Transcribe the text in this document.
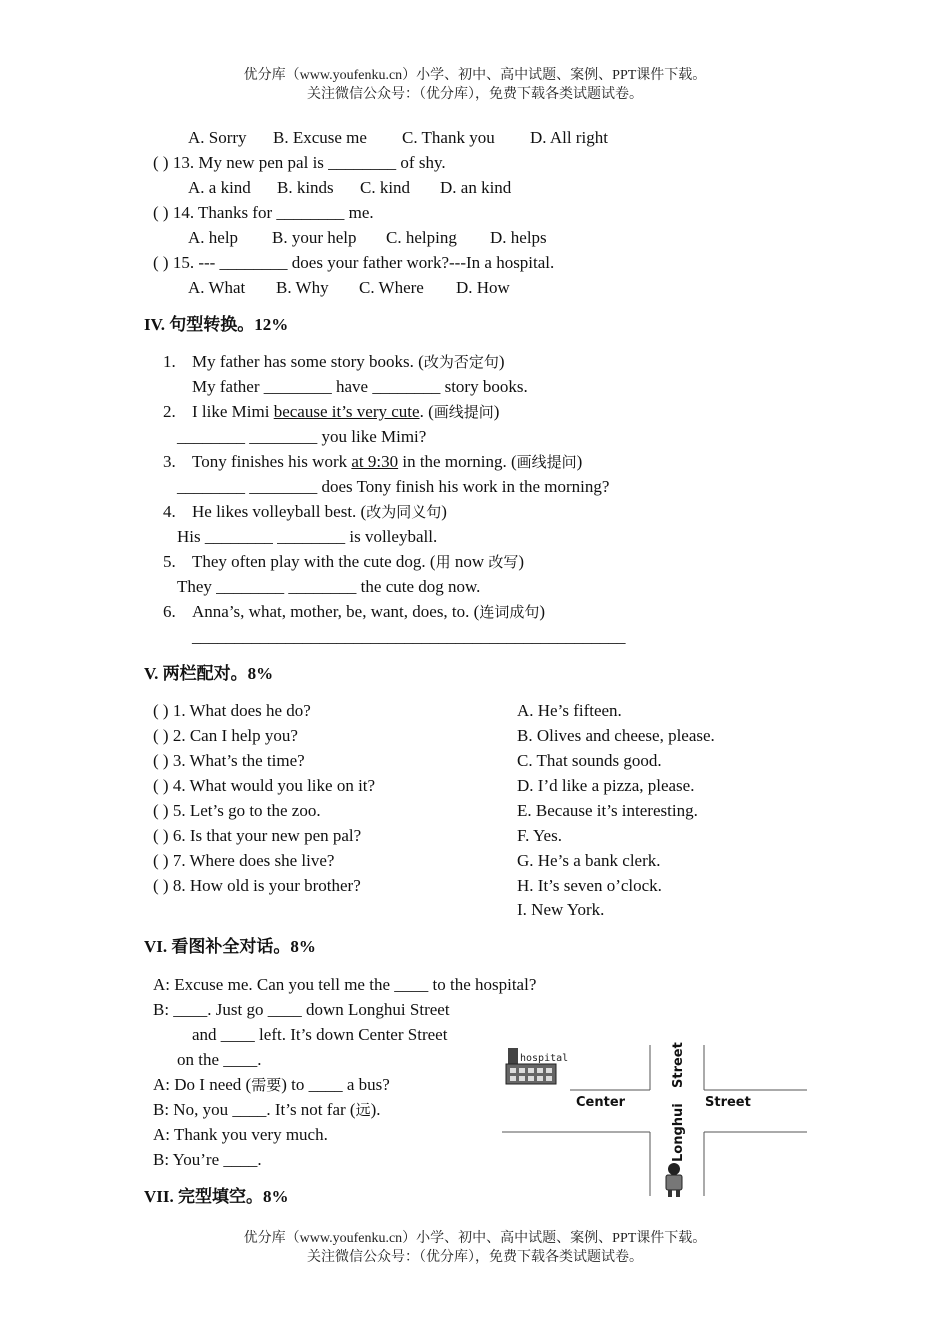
优分库（www.youfenku.cn）小学、初中、高中试题、案例、PPT课件下载。
关注微信公众号：（优分库），免费下载各类试题试卷。
A. Sorry B. Excuse me C. Thank you D. All right
( ) 13. My new pen pal is ________ of shy.
A. a kind B. kinds C. kind D. an kind
( ) 14. Thanks for ________ me.
A. help B. your help C. helping D. helps
( ) 15. --- ________ does your father work?---In a hospital.
A. What B. Why C. Where D. How
IV. 句型转换。12%
1. My father has some story books. (改为否定句)
My father ________ have ________ story books.
2. I like Mimi because it’s very cute. (画线提问)
________ ________ you like Mimi?
3. Tony finishes his work at 9:30 in the morning. (画线提问)
________ ________ does Tony finish his work in the morning?
4. He likes volleyball best. (改为同义句)
His ________ ________ is volleyball.
5. They often play with the cute dog. (用 now 改写)
They ________ ________ the cute dog now.
6. Anna’s, what, mother, be, want, does, to. (连词成句)
___________________________________________________
V. 两栏配对。8%
( ) 1. What does he do?
( ) 2. Can I help you?
( ) 3. What’s the time?
( ) 4. What would you like on it?
( ) 5. Let’s go to the zoo.
( ) 6. Is that your new pen pal?
( ) 7. Where does she live?
( ) 8. How old is your brother?
A. He’s fifteen.
B. Olives and cheese, please.
C. That sounds good.
D. I’d like a pizza, please.
E. Because it’s interesting.
F. Yes.
G. He’s a bank clerk.
H. It’s seven o’clock.
I. New York.
VI. 看图补全对话。8%
A: Excuse me. Can you tell me the ____ to the hospital?
B: ____. Just go ____ down Longhui Street
and ____ left. It’s down Center Street
on the ____.
A: Do I need (需要) to ____ a bus?
B: No, you ____. It’s not far (远).
A: Thank you very much.
B: You’re ____.
hospital
Center	Street
Street
Longhui
VII. 完型填空。8%
优分库（www.youfenku.cn）小学、初中、高中试题、案例、PPT课件下载。
关注微信公众号：（优分库），免费下载各类试题试卷。
